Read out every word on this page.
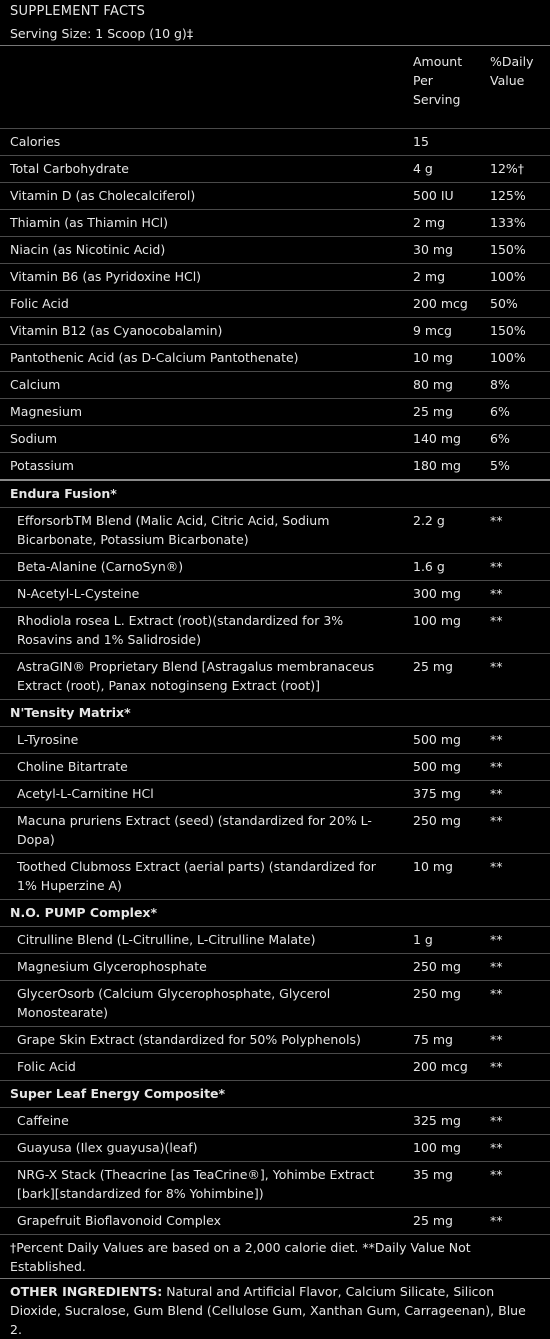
SUPPLEMENT FACTS
Serving Size: 1 Scoop (10 g)‡
Amount Per Serving
%Daily Value
Calories	15
Total Carbohydrate	4 g	12%†
Vitamin D (as Cholecalciferol)	500 IU	125%
Thiamin (as Thiamin HCl)	2 mg	133%
Niacin (as Nicotinic Acid)	30 mg	150%
Vitamin B6 (as Pyridoxine HCl)	2 mg	100%
Folic Acid	200 mcg	50%
Vitamin B12 (as Cyanocobalamin)	9 mcg	150%
Pantothenic Acid (as D-Calcium Pantothenate)	10 mg	100%
Calcium	80 mg	8%
Magnesium	25 mg	6%
Sodium	140 mg	6%
Potassium	180 mg	5%
Endura Fusion*
EfforsorbTM Blend (Malic Acid, Citric Acid, Sodium Bicarbonate, Potassium Bicarbonate)
2.2 g	**
Beta-Alanine (CarnoSyn®)	1.6 g	**
N-Acetyl-L-Cysteine	300 mg	**
Rhodiola rosea L. Extract (root)(standardized for 3% Rosavins and 1% Salidroside)
100 mg	**
AstraGIN® Proprietary Blend [Astragalus membranaceus Extract (root), Panax notoginseng Extract (root)]
25 mg	**
N'Tensity Matrix*
L-Tyrosine	500 mg	**
Choline Bitartrate	500 mg	**
Acetyl-L-Carnitine HCl	375 mg	**
Macuna pruriens Extract (seed) (standardized for 20% L-Dopa)
250 mg	**
Toothed Clubmoss Extract (aerial parts) (standardized for 1% Huperzine A)
10 mg	**
N.O. PUMP Complex*
Citrulline Blend (L-Citrulline, L-Citrulline Malate)	1 g	**
Magnesium Glycerophosphate	250 mg	**
GlycerOsorb (Calcium Glycerophosphate, Glycerol Monostearate)
250 mg	**
Grape Skin Extract (standardized for 50% Polyphenols)	75 mg	**
Folic Acid	200 mcg	**
Super Leaf Energy Composite*
Caffeine	325 mg	**
Guayusa (Ilex guayusa)(leaf)	100 mg	**
NRG-X Stack (Theacrine [as TeaCrine®], Yohimbe Extract [bark][standardized for 8% Yohimbine])
35 mg	**
Grapefruit Bioflavonoid Complex	25 mg	**
†Percent Daily Values are based on a 2,000 calorie diet. **Daily Value Not Established.
OTHER INGREDIENTS: Natural and Artificial Flavor, Calcium Silicate, Silicon Dioxide, Sucralose, Gum Blend (Cellulose Gum, Xanthan Gum, Carrageenan), Blue 2.
